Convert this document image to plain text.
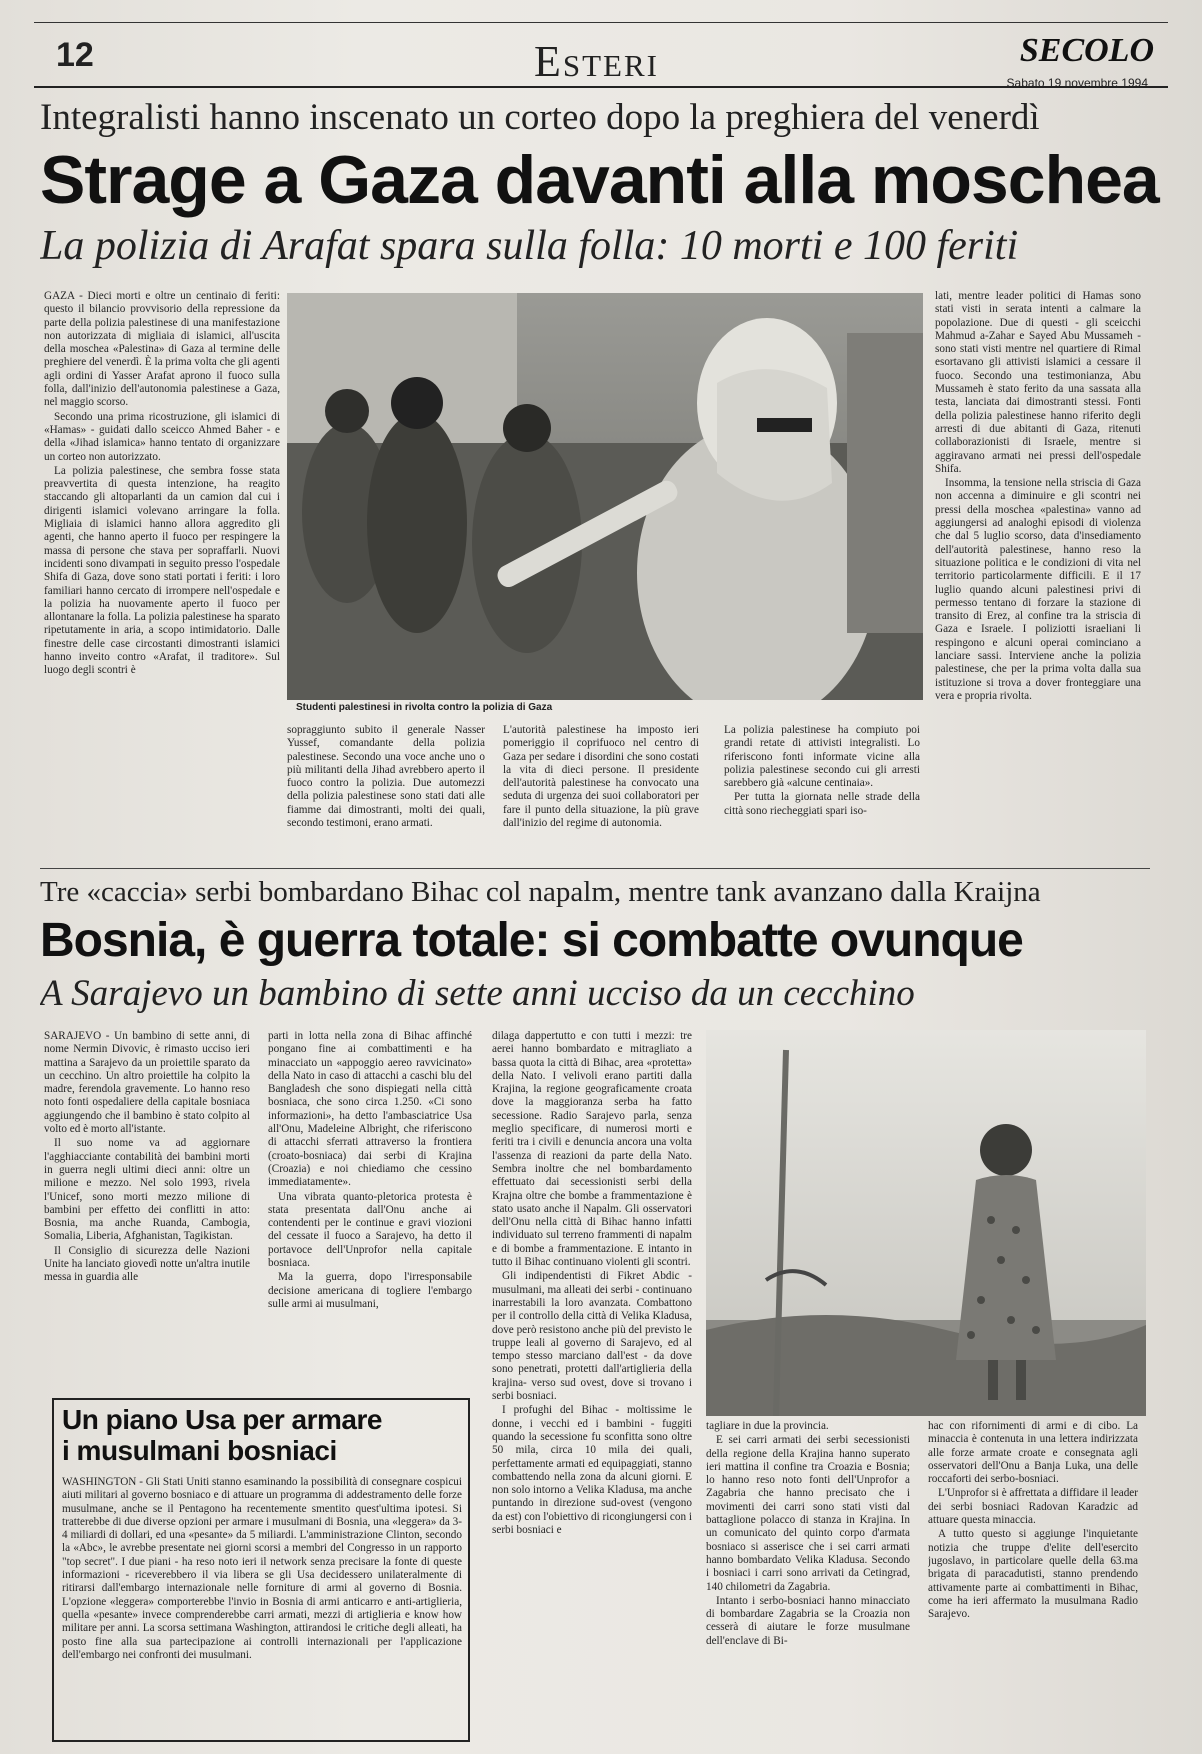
12	Esteri	SECOLO
Sabato 19 novembre 1994
Integralisti hanno inscenato un corteo dopo la preghiera del venerdì
Strage a Gaza davanti alla moschea
La polizia di Arafat spara sulla folla: 10 morti e 100 feriti

GAZA - Dieci morti e oltre un centinaio di feriti: questo il bilancio provvisorio della repressione da parte della polizia palestinese di una manifestazione non autorizzata di migliaia di islamici, all'uscita della moschea «Palestina» di Gaza al termine delle preghiere del venerdì. È la prima volta che gli agenti agli ordini di Yasser Arafat aprono il fuoco sulla folla, dall'inizio dell'autonomia palestinese a Gaza, nel maggio scorso.

Secondo una prima ricostruzione, gli islamici di «Hamas» - guidati dallo sceicco Ahmed Baher - e della «Jihad islamica» hanno tentato di organizzare un corteo non autorizzato.

La polizia palestinese, che sembra fosse stata preavvertita di questa intenzione, ha reagito staccando gli altoparlanti da un camion dal cui i dirigenti islamici volevano arringare la folla. Migliaia di islamici hanno allora aggredito gli agenti, che hanno aperto il fuoco per respingere la massa di persone che stava per sopraffarli. Nuovi incidenti sono divampati in seguito presso l'ospedale Shifa di Gaza, dove sono stati portati i feriti: i loro familiari hanno cercato di irrompere nell'ospedale e la polizia ha nuovamente aperto il fuoco per allontanare la folla. La polizia palestinese ha sparato ripetutamente in aria, a scopo intimidatorio. Dalle finestre delle case circostanti dimostranti islamici hanno inveito contro «Arafat, il traditore». Sul luogo degli scontri è

Studenti palestinesi in rivolta contro la polizia di Gaza

sopraggiunto subito il generale Nasser Yussef, comandante della polizia palestinese. Secondo una voce anche uno o più militanti della Jihad avrebbero aperto il fuoco contro la polizia. Due automezzi della polizia palestinese sono stati dati alle fiamme dai dimostranti, molti dei quali, secondo testimoni, erano armati.

L'autorità palestinese ha imposto ieri pomeriggio il coprifuoco nel centro di Gaza per sedare i disordini che sono costati la vita di dieci persone. Il presidente dell'autorità palestinese ha convocato una seduta di urgenza dei suoi collaboratori per fare il punto della situazione, la più grave dall'inizio del regime di autonomia.

La polizia palestinese ha compiuto poi grandi retate di attivisti integralisti. Lo riferiscono fonti informate vicine alla polizia palestinese secondo cui gli arresti sarebbero già «alcune centinaia».

Per tutta la giornata nelle strade della città sono riecheggiati spari iso-

lati, mentre leader politici di Hamas sono stati visti in serata intenti a calmare la popolazione. Due di questi - gli sceicchi Mahmud a-Zahar e Sayed Abu Mussameh - sono stati visti mentre nel quartiere di Rimal esortavano gli attivisti islamici a cessare il fuoco. Secondo una testimonianza, Abu Mussameh è stato ferito da una sassata alla testa, lanciata dai dimostranti stessi. Fonti della polizia palestinese hanno riferito degli arresti di due abitanti di Gaza, ritenuti collaborazionisti di Israele, mentre si aggiravano armati nei pressi dell'ospedale Shifa.

Insomma, la tensione nella striscia di Gaza non accenna a diminuire e gli scontri nei pressi della moschea «palestina» vanno ad aggiungersi ad analoghi episodi di violenza che dal 5 luglio scorso, data d'insediamento dell'autorità palestinese, hanno reso la situazione politica e le condizioni di vita nel territorio particolarmente difficili. E il 17 luglio quando alcuni palestinesi privi di permesso tentano di forzare la stazione di transito di Erez, al confine tra la striscia di Gaza e Israele. I poliziotti israeliani li respingono e alcuni operai cominciano a lanciare sassi. Interviene anche la polizia palestinese, che per la prima volta dalla sua istituzione si trova a dover fronteggiare una vera e propria rivolta.

Tre «caccia» serbi bombardano Bihac col napalm, mentre tank avanzano dalla Kraijna
Bosnia, è guerra totale: si combatte ovunque
A Sarajevo un bambino di sette anni ucciso da un cecchino

SARAJEVO - Un bambino di sette anni, di nome Nermin Divovic, è rimasto ucciso ieri mattina a Sarajevo da un proiettile sparato da un cecchino. Un altro proiettile ha colpito la madre, ferendola gravemente. Lo hanno reso noto fonti ospedaliere della capitale bosniaca aggiungendo che il bambino è stato colpito al volto ed è morto all'istante.

Il suo nome va ad aggiornare l'agghiacciante contabilità dei bambini morti in guerra negli ultimi dieci anni: oltre un milione e mezzo. Nel solo 1993, rivela l'Unicef, sono morti mezzo milione di bambini per effetto dei conflitti in atto: Bosnia, ma anche Ruanda, Cambogia, Somalia, Liberia, Afghanistan, Tagikistan.

Il Consiglio di sicurezza delle Nazioni Unite ha lanciato giovedì notte un'altra inutile messa in guardia alle

parti in lotta nella zona di Bihac affinché pongano fine ai combattimenti e ha minacciato un «appoggio aereo ravvicinato» della Nato in caso di attacchi a caschi blu del Bangladesh che sono dispiegati nella città bosniaca, che sono circa 1.250. «Ci sono informazioni», ha detto l'ambasciatrice Usa all'Onu, Madeleine Albright, che riferiscono di attacchi sferrati attraverso la frontiera (croato-bosniaca) dai serbi di Krajina (Croazia) e noi chiediamo che cessino immediatamente».

Una vibrata quanto-pletorica protesta è stata presentata dall'Onu anche ai contendenti per le continue e gravi viozioni del cessate il fuoco a Sarajevo, ha detto il portavoce dell'Unprofor nella capitale bosniaca.

Ma la guerra, dopo l'irresponsabile decisione americana di togliere l'embargo sulle armi ai musulmani,

dilaga dappertutto e con tutti i mezzi: tre aerei hanno bombardato e mitragliato a bassa quota la città di Bihac, area «protetta» della Nato. I velivoli erano partiti dalla Krajina, la regione geograficamente croata dove la maggioranza serba ha fatto secessione. Radio Sarajevo parla, senza meglio specificare, di numerosi morti e feriti tra i civili e denuncia ancora una volta l'assenza di reazioni da parte della Nato. Sembra inoltre che nel bombardamento effettuato dai secessionisti serbi della Krajna oltre che bombe a frammentazione è stato usato anche il Napalm. Gli osservatori dell'Onu nella città di Bihac hanno infatti individuato sul terreno frammenti di napalm e di bombe a frammentazione. E intanto in tutto il Bihac continuano violenti gli scontri.

Gli indipendentisti di Fikret Abdic - musulmani, ma alleati dei serbi - continuano inarrestabili la loro avanzata. Combattono per il controllo della città di Velika Kladusa, dove però resistono anche più del previsto le truppe leali al governo di Sarajevo, ed al tempo stesso marciano dall'est - da dove sono penetrati, protetti dall'artiglieria della krajina- verso sud ovest, dove si trovano i serbi bosniaci.

I profughi del Bihac - moltissime le donne, i vecchi ed i bambini - fuggiti quando la secessione fu sconfitta sono oltre 50 mila, circa 10 mila dei quali, perfettamente armati ed equipaggiati, stanno combattendo nella zona da alcuni giorni. E non solo intorno a Velika Kladusa, ma anche puntando in direzione sud-ovest (vengono da est) con l'obiettivo di ricongiungersi con i serbi bosniaci e

tagliare in due la provincia.

E sei carri armati dei serbi secessionisti della regione della Krajina hanno superato ieri mattina il confine tra Croazia e Bosnia; lo hanno reso noto fonti dell'Unprofor a Zagabria che hanno precisato che i movimenti dei carri sono stati visti dal battaglione polacco di stanza in Krajina. In un comunicato del quinto corpo d'armata bosniaco si asserisce che i sei carri armati hanno bombardato Velika Kladusa. Secondo i bosniaci i carri sono arrivati da Cetingrad, 140 chilometri da Zagabria.

Intanto i serbo-bosniaci hanno minacciato di bombardare Zagabria se la Croazia non cesserà di aiutare le forze musulmane dell'enclave di Bi-

hac con rifornimenti di armi e di cibo. La minaccia è contenuta in una lettera indirizzata alle forze armate croate e consegnata agli osservatori dell'Onu a Banja Luka, una delle roccaforti dei serbo-bosniaci.

L'Unprofor si è affrettata a diffidare il leader dei serbi bosniaci Radovan Karadzic ad attuare questa minaccia.

A tutto questo si aggiunge l'inquietante notizia che truppe d'elite dell'esercito jugoslavo, in particolare quelle della 63.ma brigata di paracadutisti, stanno prendendo attivamente parte ai combattimenti in Bihac, come ha ieri affermato la musulmana Radio Sarajevo.

Un piano Usa per armare
i musulmani bosniaci

WASHINGTON - Gli Stati Uniti stanno esaminando la possibilità di consegnare cospicui aiuti militari al governo bosniaco e di attuare un programma di addestramento delle forze musulmane, anche se il Pentagono ha recentemente smentito quest'ultima ipotesi. Si tratterebbe di due diverse opzioni per armare i musulmani di Bosnia, una «leggera» da 3-4 miliardi di dollari, ed una «pesante» da 5 miliardi. L'amministrazione Clinton, secondo la «Abc», le avrebbe presentate nei giorni scorsi a membri del Congresso in un rapporto "top secret". I due piani - ha reso noto ieri il network senza precisare la fonte di queste informazioni - riceverebbero il via libera se gli Usa decidessero unilateralmente di ritirarsi dall'embargo internazionale nelle forniture di armi al governo di Bosnia. L'opzione «leggera» comporterebbe l'invio in Bosnia di armi anticarro e anti-artiglieria, quella «pesante» invece comprenderebbe carri armati, mezzi di artiglieria e know how militare per anni. La scorsa settimana Washington, attirandosi le critiche degli alleati, ha posto fine alla sua partecipazione ai controlli internazionali per l'applicazione dell'embargo nei confronti dei musulmani.
